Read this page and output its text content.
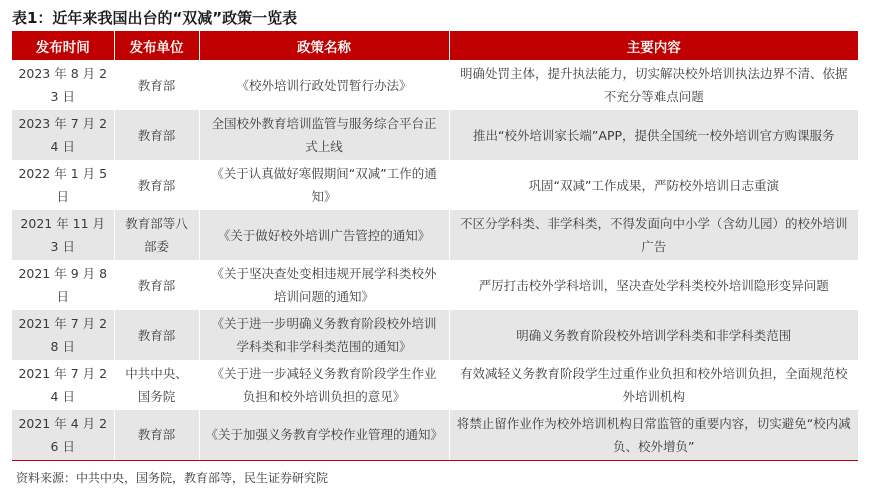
表1：近年来我国出台的“双减”政策一览表
发布时间	发布单位	政策名称	主要内容
2023 年 8 月 23 日	教育部	《校外培训行政处罚暂行办法》	明确处罚主体，提升执法能力，切实解决校外培训执法边界不清、依据不充分等难点问题
2023 年 7 月 24 日	教育部	全国校外教育培训监管与服务综合平台正式上线	推出“校外培训家长端”APP，提供全国统一校外培训官方购课服务
2022 年 1 月 5 日	教育部	《关于认真做好寒假期间“双减”工作的通知》	巩固“双减”工作成果，严防校外培训日志重演
2021 年 11 月 3 日	教育部等八部委	《关于做好校外培训广告管控的通知》	不区分学科类、非学科类，不得发面向中小学（含幼儿园）的校外培训广告
2021 年 9 月 8 日	教育部	《关于坚决查处变相违规开展学科类校外培训问题的通知》	严厉打击校外学科培训，坚决查处学科类校外培训隐形变异问题
2021 年 7 月 28 日	教育部	《关于进一步明确义务教育阶段校外培训学科类和非学科类范围的通知》	明确义务教育阶段校外培训学科类和非学科类范围
2021 年 7 月 24 日	中共中央、国务院	《关于进一步减轻义务教育阶段学生作业负担和校外培训负担的意见》	有效减轻义务教育阶段学生过重作业负担和校外培训负担，全面规范校外培训机构
2021 年 4 月 26 日	教育部	《关于加强义务教育学校作业管理的通知》	将禁止留作业作为校外培训机构日常监管的重要内容，切实避免“校内减负、校外增负”
资料来源：中共中央，国务院，教育部等，民生证券研究院
